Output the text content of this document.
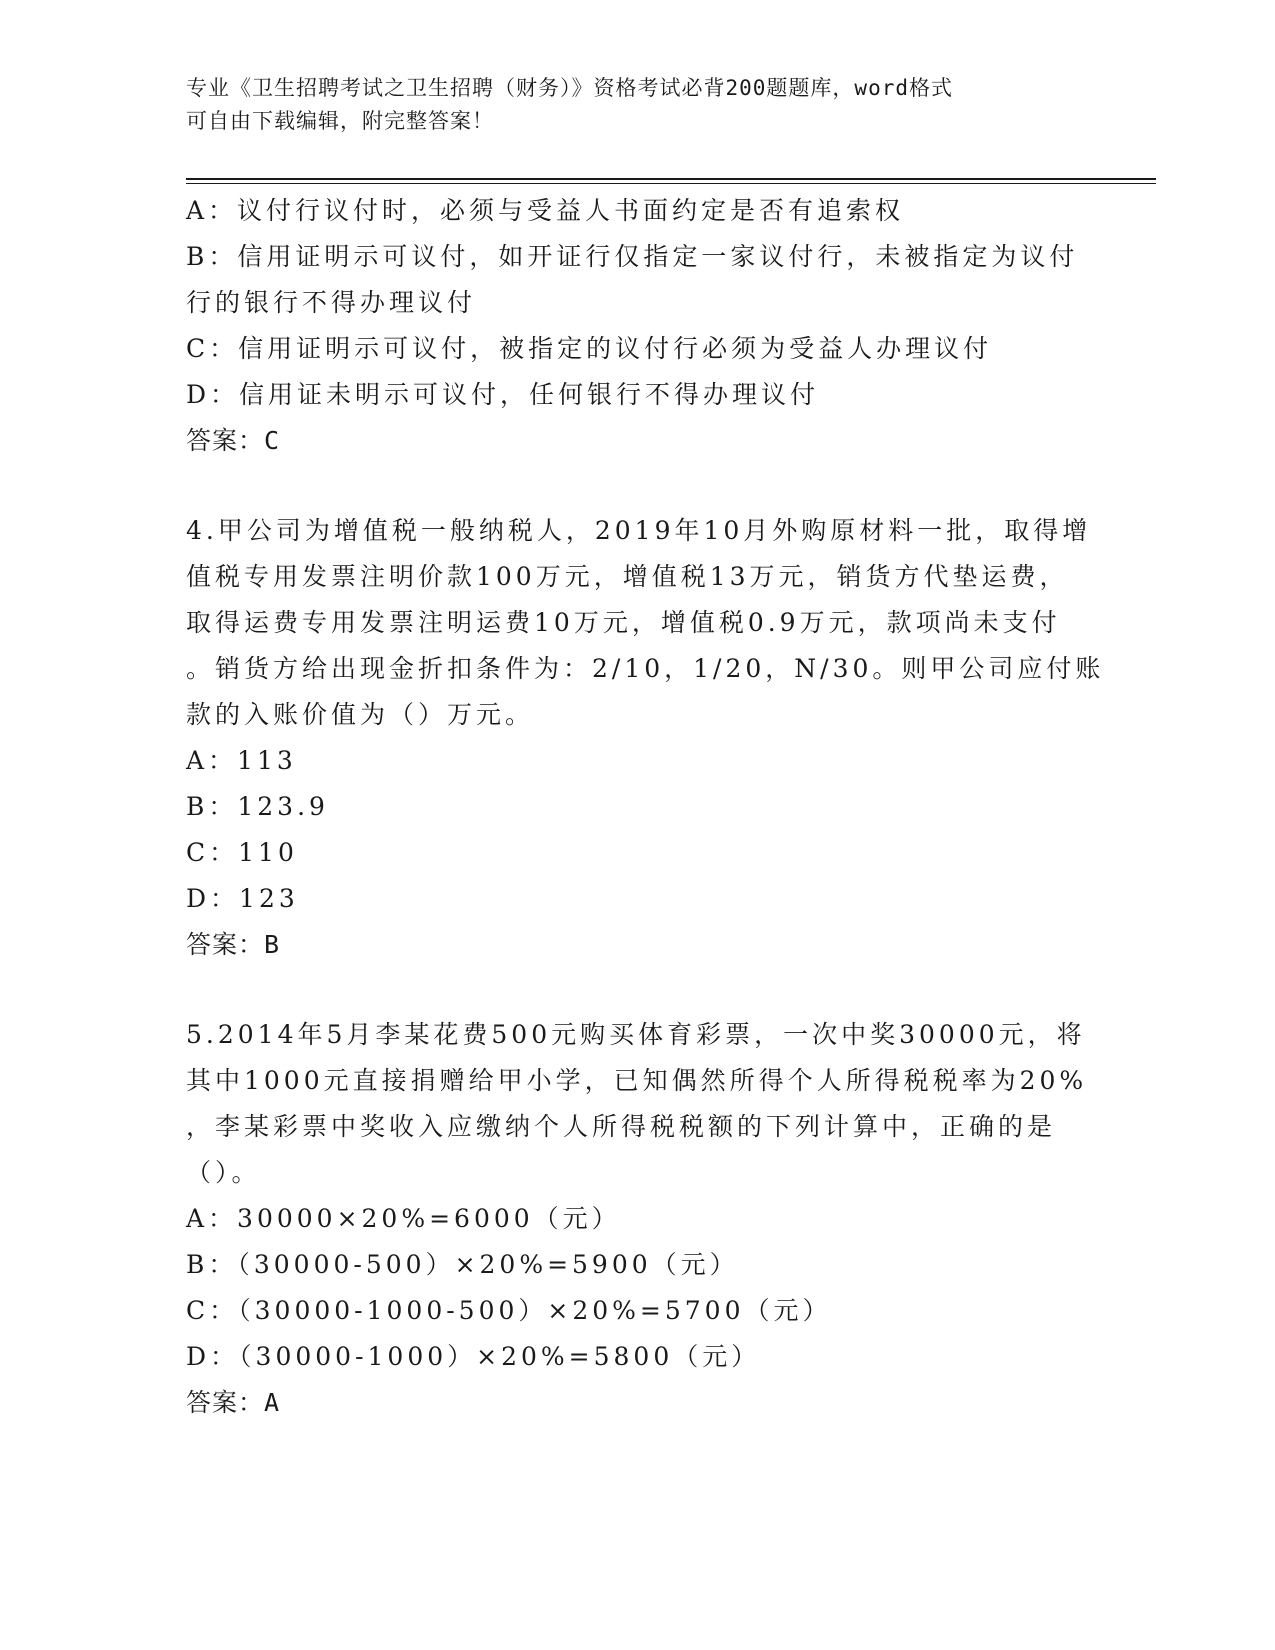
专业《卫生招聘考试之卫生招聘（财务）》资格考试必背200题题库，word格式
可自由下载编辑，附完整答案！
A：议付行议付时，必须与受益人书面约定是否有追索权
B：信用证明示可议付，如开证行仅指定一家议付行，未被指定为议付
行的银行不得办理议付
C：信用证明示可议付，被指定的议付行必须为受益人办理议付
D：信用证未明示可议付，任何银行不得办理议付
答案：C
4.甲公司为增值税一般纳税人，2019年10月外购原材料一批，取得增
值税专用发票注明价款100万元，增值税13万元，销货方代垫运费，
取得运费专用发票注明运费10万元，增值税0.9万元，款项尚未支付
。销货方给出现金折扣条件为：2/10，1/20，N/30。则甲公司应付账
款的入账价值为（）万元。
A：113
B：123.9
C：110
D：123
答案：B
5.2014年5月李某花费500元购买体育彩票，一次中奖30000元，将
其中1000元直接捐赠给甲小学，已知偶然所得个人所得税税率为20%
，李某彩票中奖收入应缴纳个人所得税税额的下列计算中，正确的是
（）。
A：30000×20%=6000（元）
B：（30000-500）×20%=5900（元）
C：（30000-1000-500）×20%=5700（元）
D：（30000-1000）×20%=5800（元）
答案：A
